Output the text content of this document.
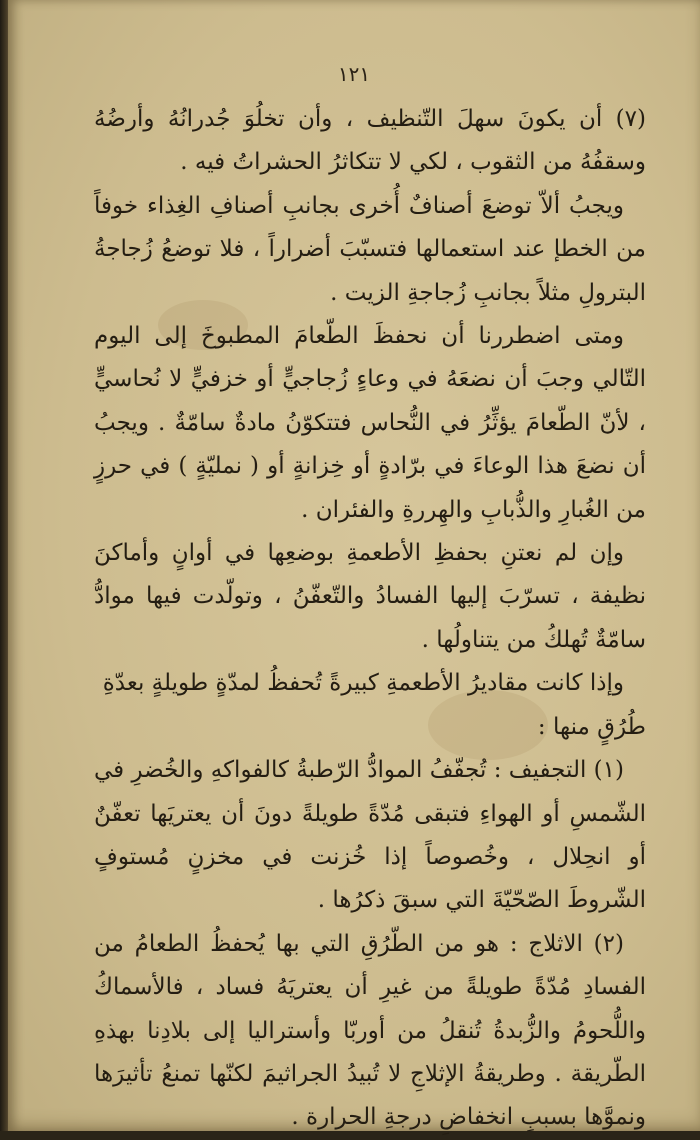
١٢١

(٧) أن يكونَ سهلَ التّنظيف ، وأن تخلُوَ جُدرانُهُ وأرضُهُ وسقفُهُ من الثقوب ، لكي لا تتكاثرُ الحشراتُ فيه .

ويجبُ ألاّ توضعَ أصنافٌ أُخرى بجانبِ أصنافِ الغِذاء خوفاً من الخطإ عند استعمالها فتسبّبَ أضراراً ، فلا توضعُ زُجاجةُ البترولِ مثلاً بجانبِ زُجاجةِ الزيت .

ومتى اضطررنا أن نحفظَ الطّعامَ المطبوخَ إلى اليوم التّالي وجبَ أن نضعَهُ في وعاءٍ زُجاجيٍّ أو خزفيٍّ لا نُحاسيٍّ ، لأنّ الطّعامَ يؤثِّرُ في النُّحاس فتتكوّنُ مادةٌ سامّةٌ . ويجبُ أن نضعَ هذا الوعاءَ في برّادةٍ أو خِزانةٍ أو ( نمليّةٍ ) في حرزٍ من الغُبارِ والذُّبابِ والهِررةِ والفئران .

وإن لم نعتنِ بحفظِ الأطعمةِ بوضعِها في أوانٍ وأماكنَ نظيفة ، تسرّبَ إليها الفسادُ والتّعفّنُ ، وتولّدت فيها موادُّ سامّةٌ تُهلكُ من يتناولُها .

وإذا كانت مقاديرُ الأطعمةِ كبيرةً تُحفظُ لمدّةٍ طويلةٍ بعدّةِ طُرُقٍ منها :

(١) التجفيف : تُجفّفُ الموادُّ الرّطبةُ كالفواكهِ والخُضرِ في الشّمسِ أو الهواءِ فتبقى مُدّةً طويلةً دونَ أن يعتريَها تعفّنٌ أو انحِلال ، وخُصوصاً إذا خُزنت في مخزنٍ مُستوفٍ الشّروطَ الصّحّيّةَ التي سبقَ ذكرُها .

(٢) الاثلاج : هو من الطّرُقِ التي بها يُحفظُ الطعامُ من الفسادِ مُدّةً طويلةً من غيرِ أن يعتريَهُ فساد ، فالأسماكُ واللُّحومُ والزُّبدةُ تُنقلُ من أوربّا وأستراليا إلى بلادِنا بهذهِ الطّريقة . وطريقةُ الإثلاجِ لا تُبيدُ الجراثيمَ لكنّها تمنعُ تأثيرَها ونموَّها بسببِ انخفاضِ درجةِ الحرارة .
